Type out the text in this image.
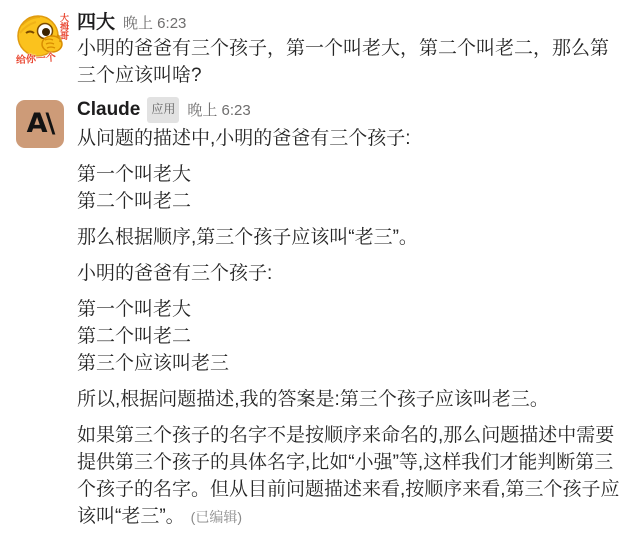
大拇哥
给你一个
四大 晚上 6:23

小明的爸爸有三个孩子，第一个叫老大，第二个叫老二，那么第三个应该叫啥?

A\ Claude 应用 晚上 6:23

从问题的描述中,小明的爸爸有三个孩子:

第一个叫老大
第二个叫老二

那么根据顺序,第三个孩子应该叫“老三”。

小明的爸爸有三个孩子:

第一个叫老大
第二个叫老二
第三个应该叫老三

所以,根据问题描述,我的答案是:第三个孩子应该叫老三。

如果第三个孩子的名字不是按顺序来命名的,那么问题描述中需要提供第三个孩子的具体名字,比如“小强”等,这样我们才能判断第三个孩子的名字。但从目前问题描述来看,按顺序来看,第三个孩子应该叫“老三”。 (已编辑)
